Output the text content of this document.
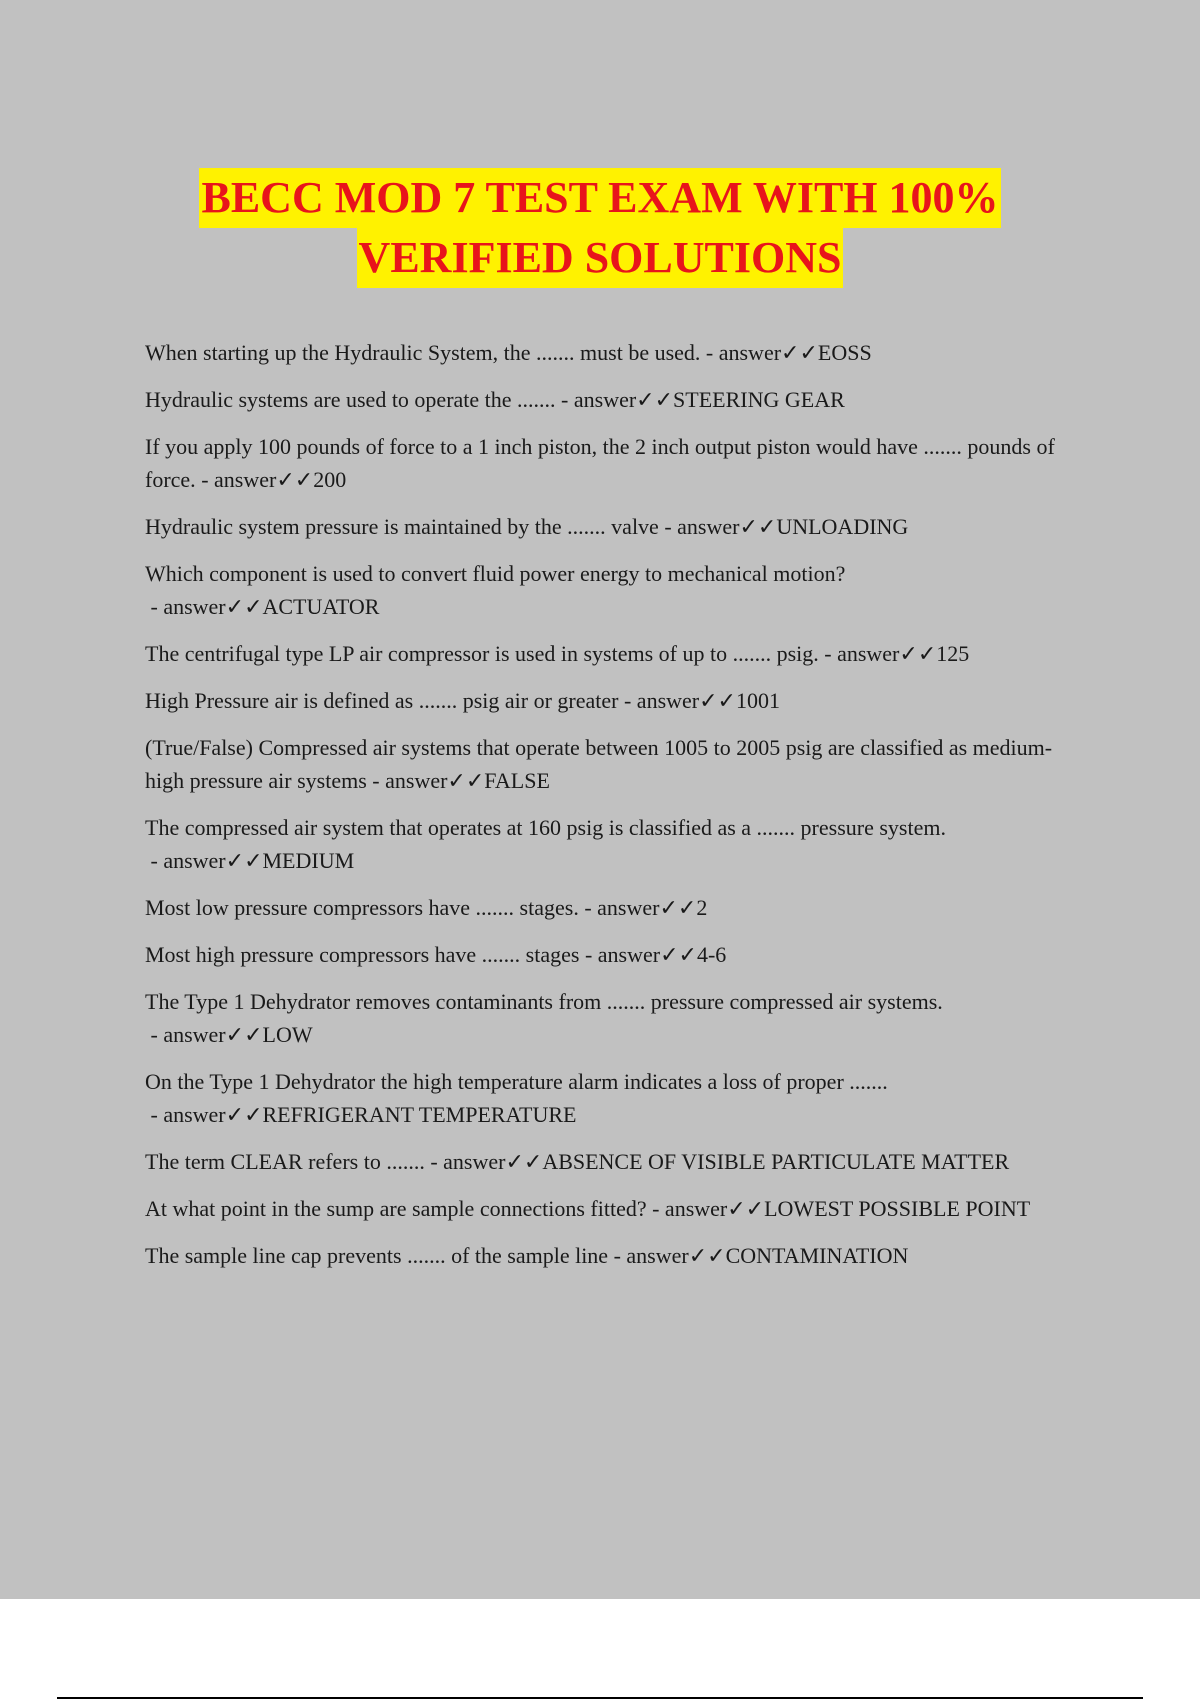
BECC MOD 7 TEST EXAM WITH 100%
VERIFIED SOLUTIONS
When starting up the Hydraulic System, the ....... must be used. - answer✓✓EOSS
Hydraulic systems are used to operate the ....... - answer✓✓STEERING GEAR
If you apply 100 pounds of force to a 1 inch piston, the 2 inch output piston would have ....... pounds of force. - answer✓✓200
Hydraulic system pressure is maintained by the ....... valve - answer✓✓UNLOADING
Which component is used to convert fluid power energy to mechanical motion? - answer✓✓ACTUATOR
The centrifugal type LP air compressor is used in systems of up to ....... psig. - answer✓✓125
High Pressure air is defined as ....... psig air or greater - answer✓✓1001
(True/False) Compressed air systems that operate between 1005 to 2005 psig are classified as medium-high pressure air systems - answer✓✓FALSE
The compressed air system that operates at 160 psig is classified as a ....... pressure system. - answer✓✓MEDIUM
Most low pressure compressors have ....... stages. - answer✓✓2
Most high pressure compressors have ....... stages - answer✓✓4-6
The Type 1 Dehydrator removes contaminants from ....... pressure compressed air systems. - answer✓✓LOW
On the Type 1 Dehydrator the high temperature alarm indicates a loss of proper ....... - answer✓✓REFRIGERANT TEMPERATURE
The term CLEAR refers to ....... - answer✓✓ABSENCE OF VISIBLE PARTICULATE MATTER
At what point in the sump are sample connections fitted? - answer✓✓LOWEST POSSIBLE POINT
The sample line cap prevents ....... of the sample line - answer✓✓CONTAMINATION
